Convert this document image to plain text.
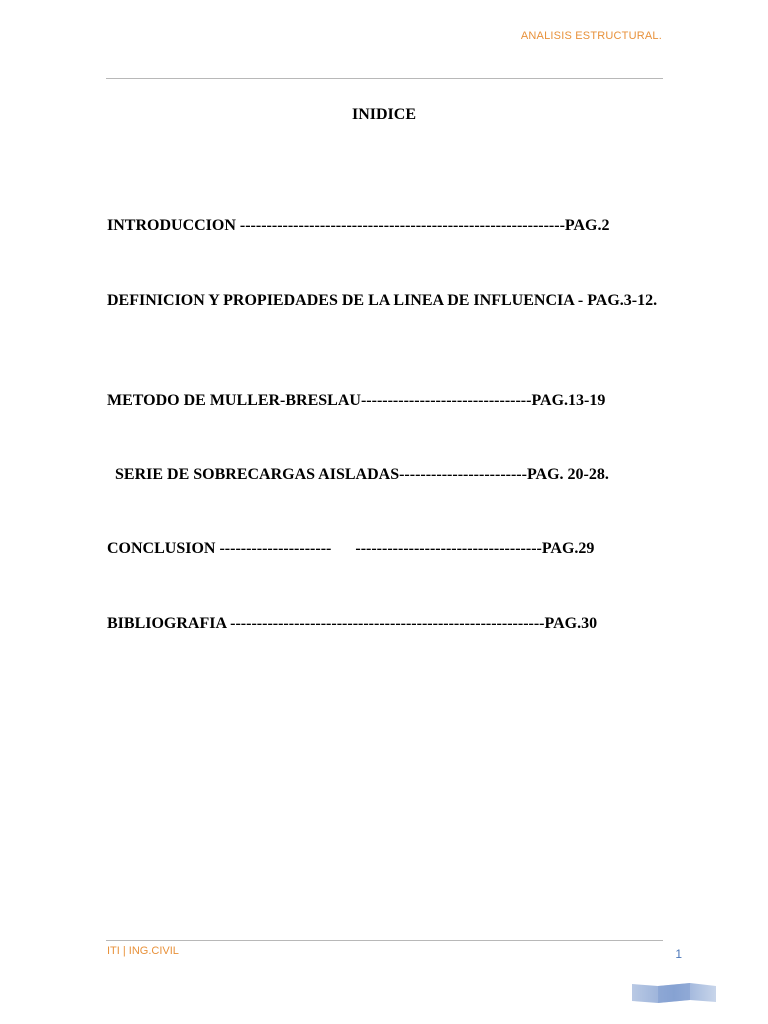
ANALISIS ESTRUCTURAL.
INIDICE
INTRODUCCION -------------------------------------------------------------PAG.2
DEFINICION Y PROPIEDADES DE LA LINEA DE INFLUENCIA - PAG.3-12.
METODO DE MULLER-BRESLAU--------------------------------PAG.13-19
SERIE DE SOBRECARGAS AISLADAS------------------------PAG. 20-28.
CONCLUSION --------------------- -----------------------------------PAG.29
BIBLIOGRAFIA -----------------------------------------------------------PAG.30
ITI | ING.CIVIL	1
